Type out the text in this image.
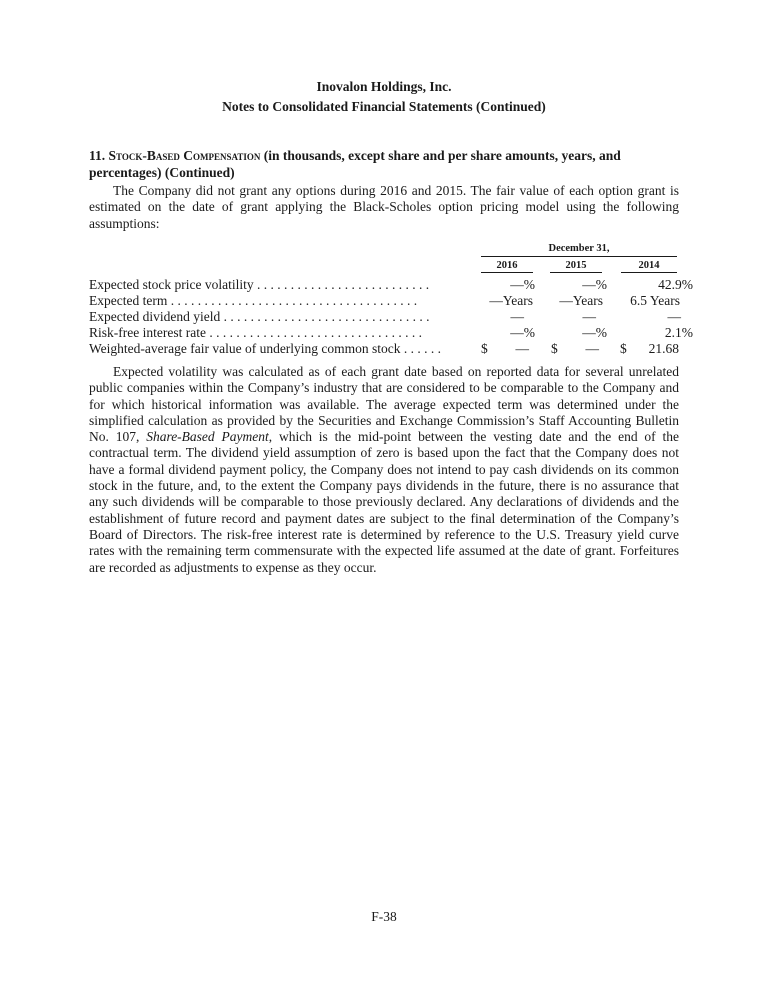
Inovalon Holdings, Inc.
Notes to Consolidated Financial Statements (Continued)
11. Stock-Based Compensation (in thousands, except share and per share amounts, years, and percentages) (Continued)
The Company did not grant any options during 2016 and 2015. The fair value of each option grant is estimated on the date of grant applying the Black-Scholes option pricing model using the following assumptions:
December 31,
2016	2015	2014
Expected stock price volatility . . . . . . . . . . . . . . . . . . . . . . . . . .	—%	—%	42.9%
Expected term . . . . . . . . . . . . . . . . . . . . . . . . . . . . . . . . . . . . .	—Years —Years 6.5 Years
Expected dividend yield . . . . . . . . . . . . . . . . . . . . . . . . . . . . . . .	—	—	—
Risk-free interest rate . . . . . . . . . . . . . . . . . . . . . . . . . . . . . . . .	—%	—%	2.1%
Weighted-average fair value of underlying common stock . . . . . .	$ — $ — $ 21.68
Expected volatility was calculated as of each grant date based on reported data for several unrelated public companies within the Company’s industry that are considered to be comparable to the Company and for which historical information was available. The average expected term was determined under the simplified calculation as provided by the Securities and Exchange Commission’s Staff Accounting Bulletin No. 107, Share-Based Payment, which is the mid-point between the vesting date and the end of the contractual term. The dividend yield assumption of zero is based upon the fact that the Company does not have a formal dividend payment policy, the Company does not intend to pay cash dividends on its common stock in the future, and, to the extent the Company pays dividends in the future, there is no assurance that any such dividends will be comparable to those previously declared. Any declarations of dividends and the establishment of future record and payment dates are subject to the final determination of the Company’s Board of Directors. The risk-free interest rate is determined by reference to the U.S. Treasury yield curve rates with the remaining term commensurate with the expected life assumed at the date of grant. Forfeitures are recorded as adjustments to expense as they occur.
F-38
